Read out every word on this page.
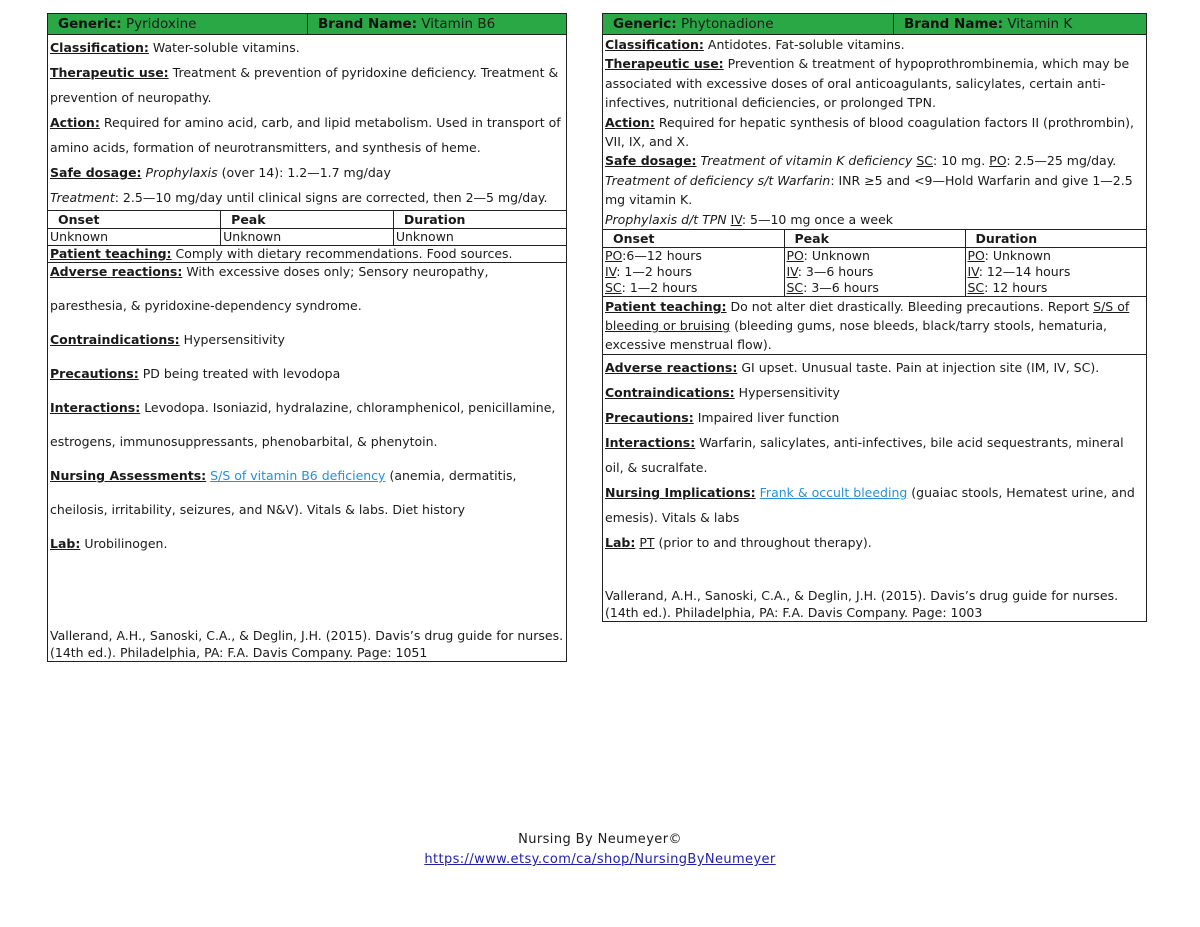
Generic: Pyridoxine	Brand Name: Vitamin B6

Classification: Water-soluble vitamins.

Therapeutic use: Treatment & prevention of pyridoxine deficiency. Treatment & prevention of neuropathy.

Action: Required for amino acid, carb, and lipid metabolism. Used in transport of amino acids, formation of neurotransmitters, and synthesis of heme.

Safe dosage: Prophylaxis (over 14): 1.2—1.7 mg/day

Treatment: 2.5—10 mg/day until clinical signs are corrected, then 2—5 mg/day.

Onset	Peak	Duration
Unknown	Unknown	Unknown

Patient teaching: Comply with dietary recommendations. Food sources.

Adverse reactions: With excessive doses only; Sensory neuropathy, paresthesia, & pyridoxine-dependency syndrome.

Contraindications: Hypersensitivity

Precautions: PD being treated with levodopa

Interactions: Levodopa. Isoniazid, hydralazine, chloramphenicol, penicillamine, estrogens, immunosuppressants, phenobarbital, & phenytoin.

Nursing Assessments: S/S of vitamin B6 deficiency (anemia, dermatitis, cheilosis, irritability, seizures, and N&V). Vitals & labs. Diet history

Lab: Urobilinogen.

Vallerand, A.H., Sanoski, C.A., & Deglin, J.H. (2015). Davis’s drug guide for nurses. (14th ed.). Philadelphia, PA: F.A. Davis Company. Page: 1051

Generic: Phytonadione	Brand Name: Vitamin K

Classification: Antidotes. Fat-soluble vitamins.

Therapeutic use: Prevention & treatment of hypoprothrombinemia, which may be associated with excessive doses of oral anticoagulants, salicylates, certain anti-infectives, nutritional deficiencies, or prolonged TPN.

Action: Required for hepatic synthesis of blood coagulation factors II (prothrombin), VII, IX, and X.

Safe dosage: Treatment of vitamin K deficiency SC: 10 mg. PO: 2.5—25 mg/day.

Treatment of deficiency s/t Warfarin: INR ≥5 and <9—Hold Warfarin and give 1—2.5 mg vitamin K.

Prophylaxis d/t TPN IV: 5—10 mg once a week

Onset	Peak	Duration
PO:6—12 hours	PO: Unknown	PO: Unknown
IV: 1—2 hours	IV: 3—6 hours	IV: 12—14 hours
SC: 1—2 hours	SC: 3—6 hours	SC: 12 hours

Patient teaching: Do not alter diet drastically. Bleeding precautions. Report S/S of bleeding or bruising (bleeding gums, nose bleeds, black/tarry stools, hematuria, excessive menstrual flow).

Adverse reactions: GI upset. Unusual taste. Pain at injection site (IM, IV, SC).

Contraindications: Hypersensitivity

Precautions: Impaired liver function

Interactions: Warfarin, salicylates, anti-infectives, bile acid sequestrants, mineral oil, & sucralfate.

Nursing Implications: Frank & occult bleeding (guaiac stools, Hematest urine, and emesis). Vitals & labs

Lab: PT (prior to and throughout therapy).

Vallerand, A.H., Sanoski, C.A., & Deglin, J.H. (2015). Davis’s drug guide for nurses. (14th ed.). Philadelphia, PA: F.A. Davis Company. Page: 1003

Nursing By Neumeyer©
https://www.etsy.com/ca/shop/NursingByNeumeyer
